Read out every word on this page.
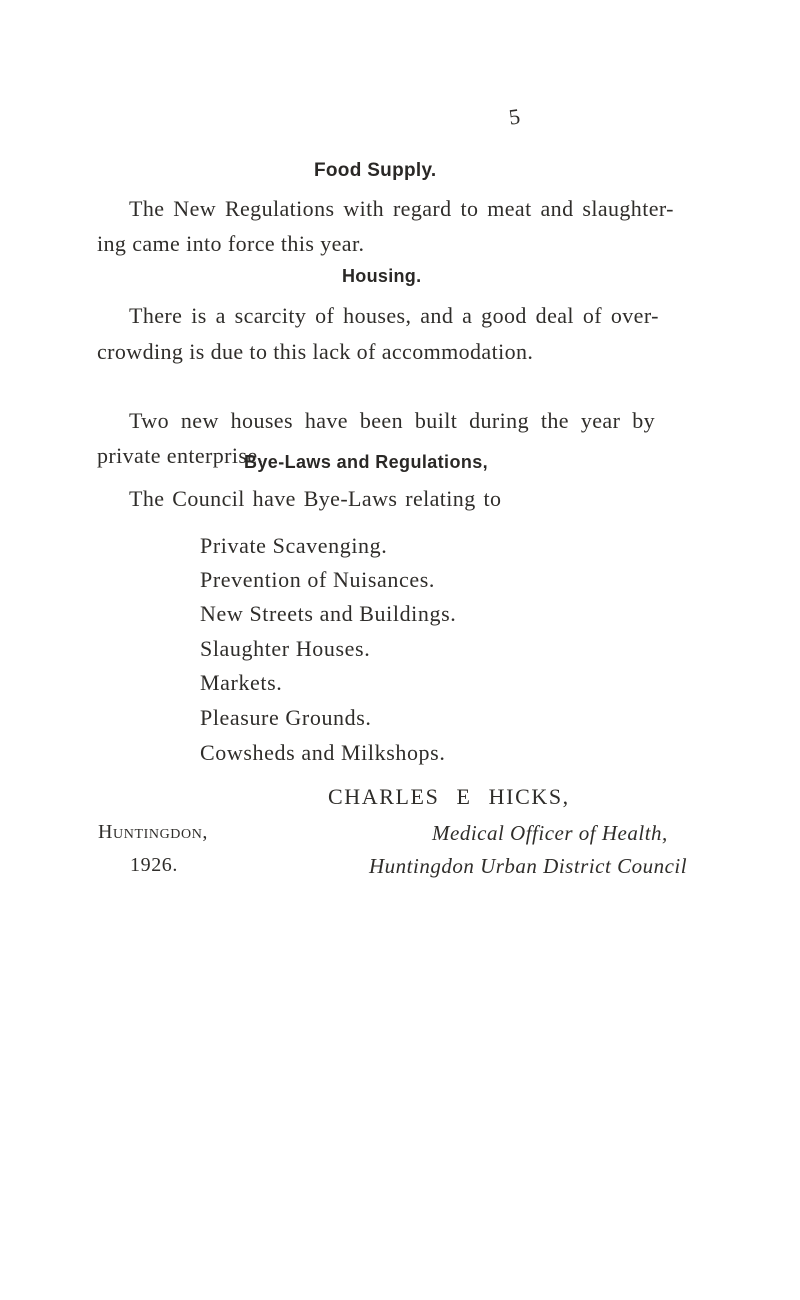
5
Food Supply.
The New Regulations with regard to meat and slaughter-
ing came into force this year.
Housing.
There is a scarcity of houses, and a good deal of over-
crowding is due to this lack of accommodation.
Two new houses have been built during the year by
private enterprise.
Bye-Laws and Regulations,
The Council have Bye-Laws relating to
Private Scavenging.
Prevention of Nuisances.
New Streets and Buildings.
Slaughter Houses.
Markets.
Pleasure Grounds.
Cowsheds and Milkshops.
CHARLES E HICKS,
Huntingdon,
1926.
Medical Officer of Health,
Huntingdon Urban District Council
